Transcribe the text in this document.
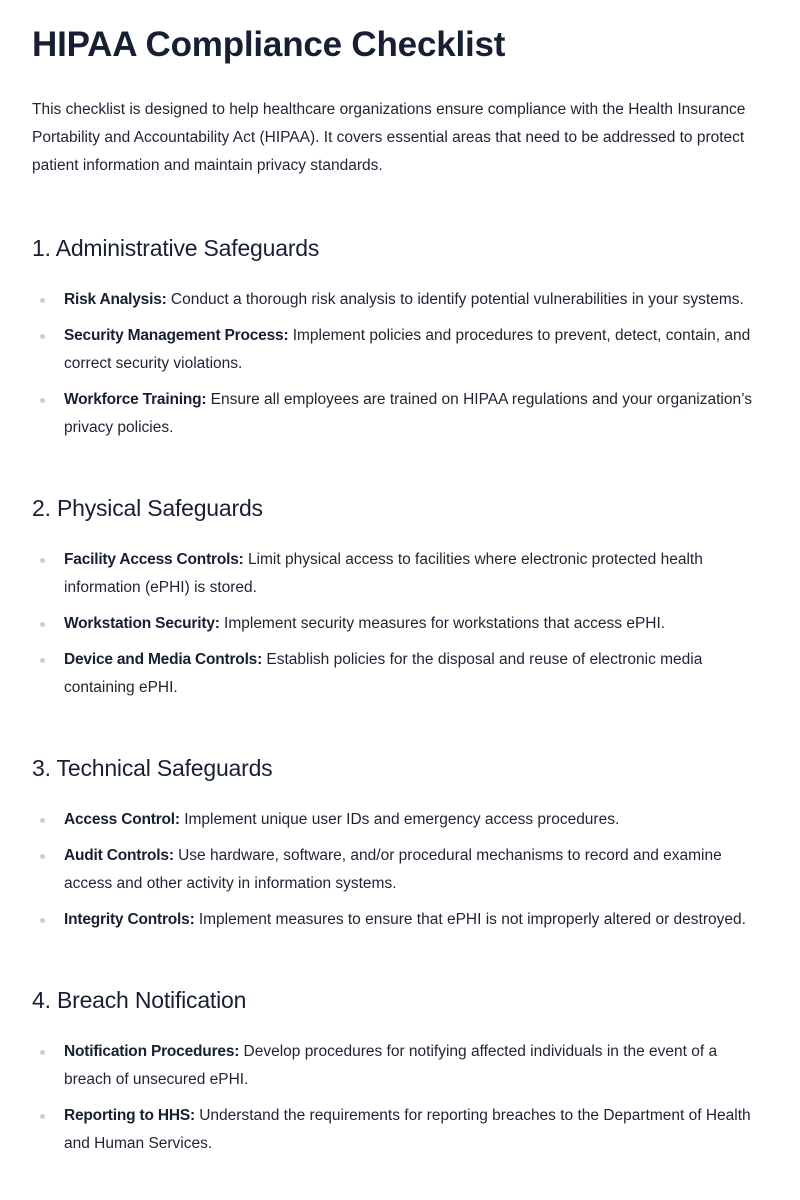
HIPAA Compliance Checklist

This checklist is designed to help healthcare organizations ensure compliance with the Health Insurance Portability and Accountability Act (HIPAA). It covers essential areas that need to be addressed to protect patient information and maintain privacy standards.

1. Administrative Safeguards
Risk Analysis: Conduct a thorough risk analysis to identify potential vulnerabilities in your systems.
Security Management Process: Implement policies and procedures to prevent, detect, contain, and correct security violations.
Workforce Training: Ensure all employees are trained on HIPAA regulations and your organization’s privacy policies.
2. Physical Safeguards
Facility Access Controls: Limit physical access to facilities where electronic protected health information (ePHI) is stored.
Workstation Security: Implement security measures for workstations that access ePHI.
Device and Media Controls: Establish policies for the disposal and reuse of electronic media containing ePHI.
3. Technical Safeguards
Access Control: Implement unique user IDs and emergency access procedures.
Audit Controls: Use hardware, software, and/or procedural mechanisms to record and examine access and other activity in information systems.
Integrity Controls: Implement measures to ensure that ePHI is not improperly altered or destroyed.
4. Breach Notification
Notification Procedures: Develop procedures for notifying affected individuals in the event of a breach of unsecured ePHI.
Reporting to HHS: Understand the requirements for reporting breaches to the Department of Health and Human Services.
